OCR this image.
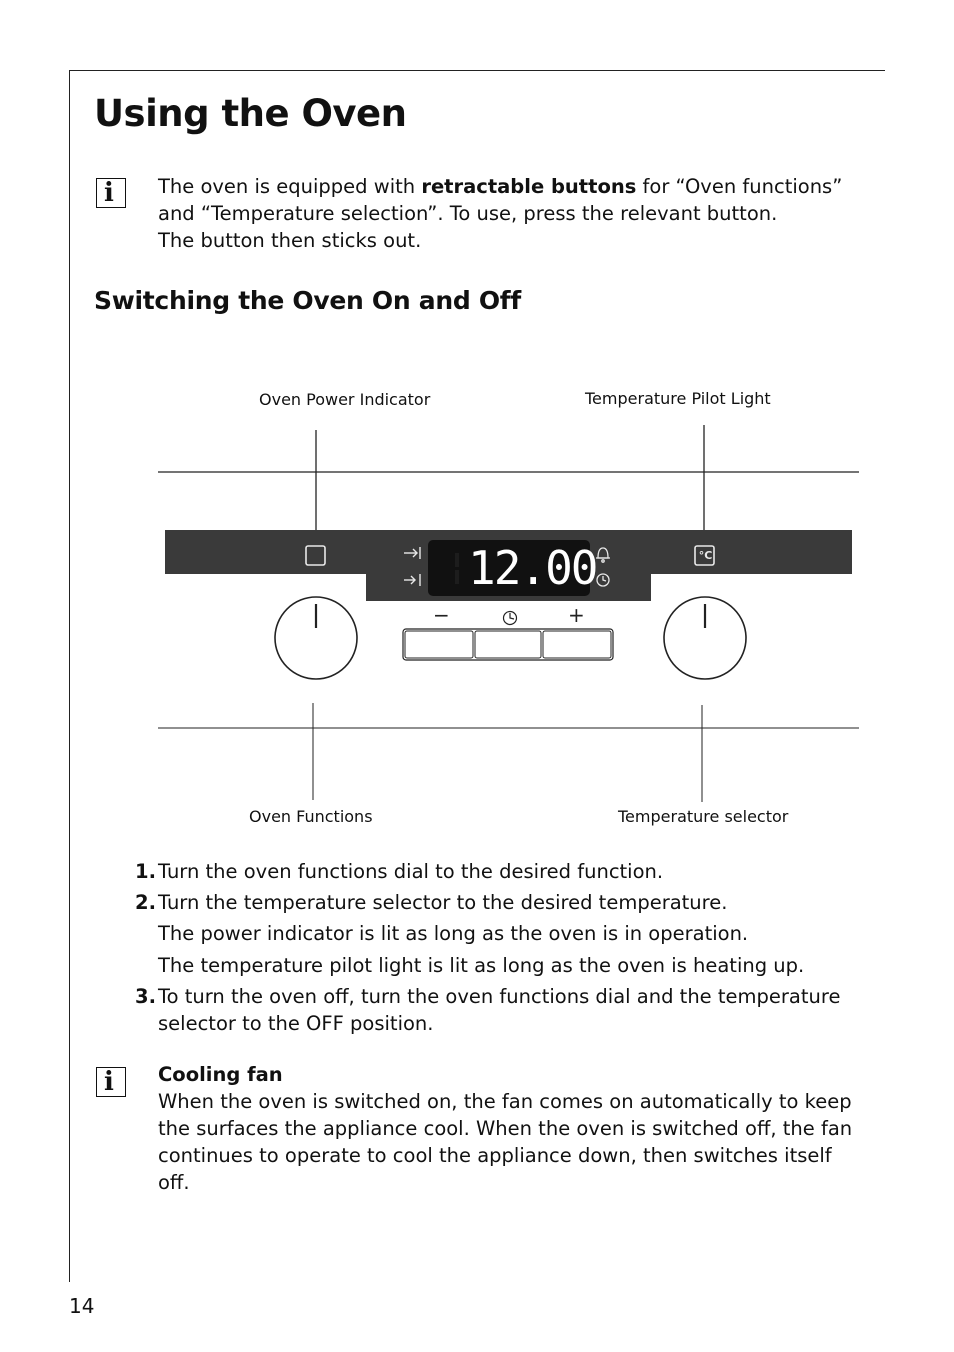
Using the Oven
i The oven is equipped with retractable buttons for “Oven functions”
and “Temperature selection”. To use, press the relevant button.
The button then sticks out.
Switching the Oven On and Off
Oven Power Indicator	Temperature Pilot Light
Oven Functions	Temperature selector
12.00	°C
−	+
1. Turn the oven functions dial to the desired function.
2. Turn the temperature selector to the desired temperature.
The power indicator is lit as long as the oven is in operation.
The temperature pilot light is lit as long as the oven is heating up.
3. To turn the oven off, turn the oven functions dial and the temperature
selector to the OFF position.
i Cooling fan
When the oven is switched on, the fan comes on automatically to keep
the surfaces the appliance cool. When the oven is switched off, the fan
continues to operate to cool the appliance down, then switches itself
off.
14
